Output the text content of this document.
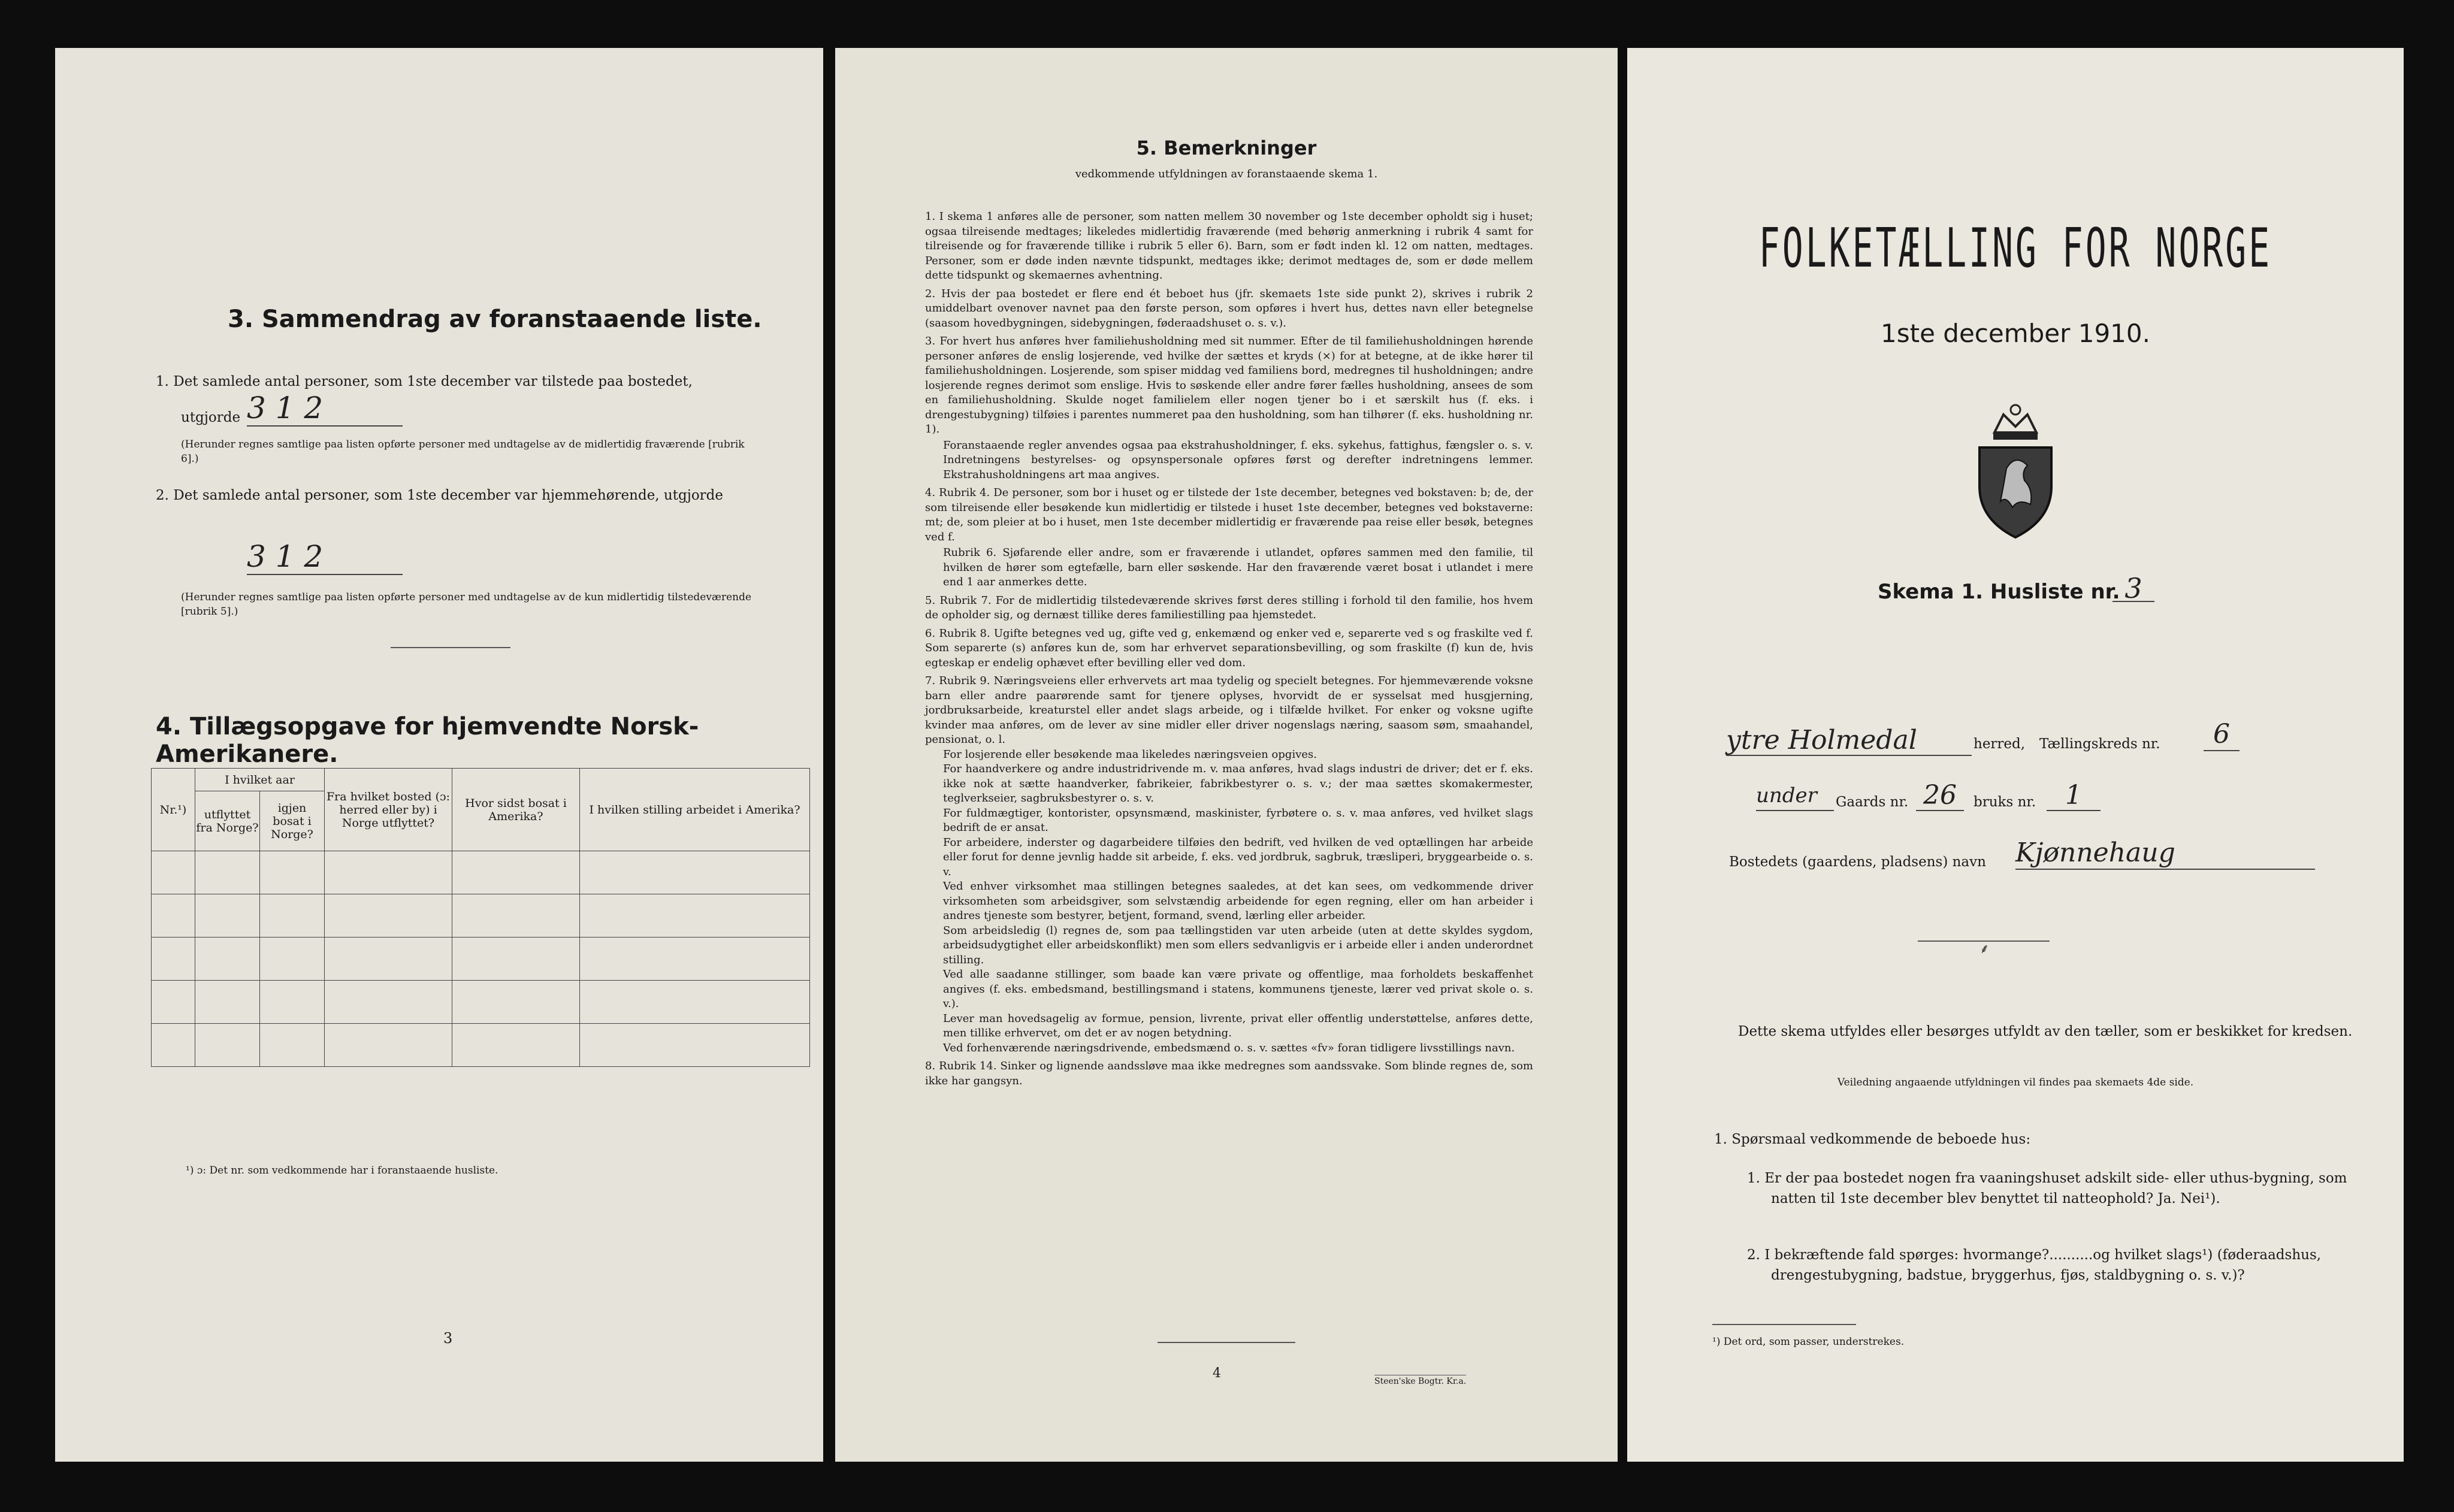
3. Sammendrag av foranstaaende liste.
1. Det samlede antal personer, som 1ste december var tilstede paa bostedet,
utgjorde 3 1 2
(Herunder regnes samtlige paa listen opførte personer med undtagelse av de midlertidig fraværende [rubrik 6].)
2. Det samlede antal personer, som 1ste december var hjemmehørende, utgjorde
3 1 2
(Herunder regnes samtlige paa listen opførte personer med undtagelse av de kun midlertidig tilstedeværende [rubrik 5].)
4. Tillægsopgave for hjemvendte Norsk-Amerikanere.
Nr.¹)	I hvilket aar		Fra hvilket bosted (ɔ: herred eller by) i Norge utflyttet?	Hvor sidst bosat i Amerika?	I hvilken stilling arbeidet i Amerika?
	utflyttet fra Norge?	igjen bosat i Norge?			

¹) ɔ: Det nr. som vedkommende har i foranstaaende husliste.
3
5. Bemerkninger
vedkommende utfyldningen av foranstaaende skema 1.

1. I skema 1 anføres alle de personer, som natten mellem 30 november og 1ste december opholdt sig i huset; ogsaa tilreisende medtages; likeledes midlertidig fraværende (med behørig anmerkning i rubrik 4 samt for tilreisende og for fraværende tillike i rubrik 5 eller 6). Barn, som er født inden kl. 12 om natten, medtages. Personer, som er døde inden nævnte tidspunkt, medtages ikke; derimot medtages de, som er døde mellem dette tidspunkt og skemaernes avhentning.

2. Hvis der paa bostedet er flere end ét beboet hus (jfr. skemaets 1ste side punkt 2), skrives i rubrik 2 umiddelbart ovenover navnet paa den første person, som opføres i hvert hus, dettes navn eller betegnelse (saasom hovedbygningen, sidebygningen, føderaadshuset o. s. v.).

3. For hvert hus anføres hver familiehusholdning med sit nummer. Efter de til familiehusholdningen hørende personer anføres de enslig losjerende, ved hvilke der sættes et kryds (×) for at betegne, at de ikke hører til familiehusholdningen. Losjerende, som spiser middag ved familiens bord, medregnes til husholdningen; andre losjerende regnes derimot som enslige. Hvis to søskende eller andre fører fælles husholdning, ansees de som en familiehusholdning. Skulde noget familielem eller nogen tjener bo i et særskilt hus (f. eks. i drengestubygning) tilføies i parentes nummeret paa den husholdning, som han tilhører (f. eks. husholdning nr. 1).

Foranstaaende regler anvendes ogsaa paa ekstrahusholdninger, f. eks. sykehus, fattighus, fængsler o. s. v. Indretningens bestyrelses- og opsynspersonale opføres først og derefter indretningens lemmer. Ekstrahusholdningens art maa angives.

4. Rubrik 4. De personer, som bor i huset og er tilstede der 1ste december, betegnes ved bokstaven: b; de, der som tilreisende eller besøkende kun midlertidig er tilstede i huset 1ste december, betegnes ved bokstaverne: mt; de, som pleier at bo i huset, men 1ste december midlertidig er fraværende paa reise eller besøk, betegnes ved f.

Rubrik 6. Sjøfarende eller andre, som er fraværende i utlandet, opføres sammen med den familie, til hvilken de hører som egtefælle, barn eller søskende. Har den fraværende været bosat i utlandet i mere end 1 aar anmerkes dette.

5. Rubrik 7. For de midlertidig tilstedeværende skrives først deres stilling i forhold til den familie, hos hvem de opholder sig, og dernæst tillike deres familiestilling paa hjemstedet.

6. Rubrik 8. Ugifte betegnes ved ug, gifte ved g, enkemænd og enker ved e, separerte ved s og fraskilte ved f. Som separerte (s) anføres kun de, som har erhvervet separationsbevilling, og som fraskilte (f) kun de, hvis egteskap er endelig ophævet efter bevilling eller ved dom.

7. Rubrik 9. Næringsveiens eller erhvervets art maa tydelig og specielt betegnes. For hjemmeværende voksne barn eller andre paarørende samt for tjenere oplyses, hvorvidt de er sysselsat med husgjerning, jordbruksarbeide, kreaturstel eller andet slags arbeide, og i tilfælde hvilket. For enker og voksne ugifte kvinder maa anføres, om de lever av sine midler eller driver nogenslags næring, saasom søm, smaahandel, pensionat, o. l.

For losjerende eller besøkende maa likeledes næringsveien opgives.

For haandverkere og andre industridrivende m. v. maa anføres, hvad slags industri de driver; det er f. eks. ikke nok at sætte haandverker, fabrikeier, fabrikbestyrer o. s. v.; der maa sættes skomakermester, teglverkseier, sagbruksbestyrer o. s. v.

For fuldmægtiger, kontorister, opsynsmænd, maskinister, fyrbøtere o. s. v. maa anføres, ved hvilket slags bedrift de er ansat.

For arbeidere, inderster og dagarbeidere tilføies den bedrift, ved hvilken de ved optællingen har arbeide eller forut for denne jevnlig hadde sit arbeide, f. eks. ved jordbruk, sagbruk, træsliperi, bryggearbeide o. s. v.

Ved enhver virksomhet maa stillingen betegnes saaledes, at det kan sees, om vedkommende driver virksomheten som arbeidsgiver, som selvstændig arbeidende for egen regning, eller om han arbeider i andres tjeneste som bestyrer, betjent, formand, svend, lærling eller arbeider.

Som arbeidsledig (l) regnes de, som paa tællingstiden var uten arbeide (uten at dette skyldes sygdom, arbeidsudygtighet eller arbeidskonflikt) men som ellers sedvanligvis er i arbeide eller i anden underordnet stilling.

Ved alle saadanne stillinger, som baade kan være private og offentlige, maa forholdets beskaffenhet angives (f. eks. embedsmand, bestillingsmand i statens, kommunens tjeneste, lærer ved privat skole o. s. v.).

Lever man hovedsagelig av formue, pension, livrente, privat eller offentlig understøttelse, anføres dette, men tillike erhvervet, om det er av nogen betydning.

Ved forhenværende næringsdrivende, embedsmænd o. s. v. sættes «fv» foran tidligere livsstillings navn.

8. Rubrik 14. Sinker og lignende aandssløve maa ikke medregnes som aandssvake. Som blinde regnes de, som ikke har gangsyn.

4
Steen'ske Bogtr. Kr.a.
FOLKETÆLLING FOR NORGE
1ste december 1910.
Skema 1. Husliste nr. 3
ytre Holmedal	herred, Tællingskreds nr.	6
under	Gaards nr. 26	bruks nr.	1
Bostedets (gaardens, pladsens) navn Kjønnehaug
⸙
Dette skema utfyldes eller besørges utfyldt av den tæller, som er beskikket for kredsen.
Veiledning angaaende utfyldningen vil findes paa skemaets 4de side.
1. Spørsmaal vedkommende de beboede hus:
1. Er der paa bostedet nogen fra vaaningshuset adskilt side- eller uthus-bygning, som natten til 1ste december blev benyttet til natteophold? Ja. Nei¹).
2. I bekræftende fald spørges: hvormange?..........og hvilket slags¹) (føderaadshus, drengestubygning, badstue, bryggerhus, fjøs, staldbygning o. s. v.)?
¹) Det ord, som passer, understrekes.
